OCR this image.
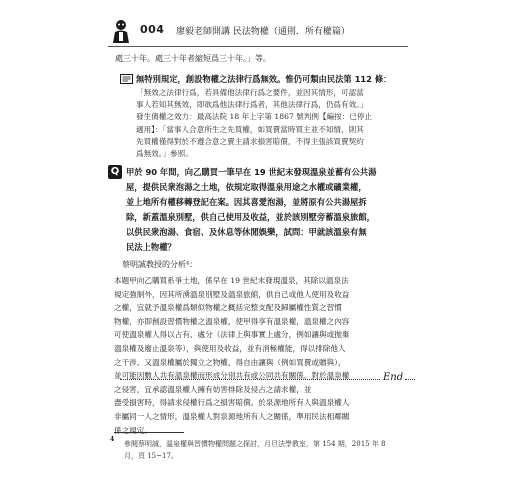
004 廖毅老師開講 民法物權（通則．所有權篇）
處三十年。處三十年者縮短爲三十年。」等。
無特別規定，創設物權之法律行爲無效。惟仍可類由民法第 112 條：
「無效之法律行爲，若具備他法律行爲之要件，並因其情形，可認當
事人若知其無效，即欲爲他法律行爲者，其他法律行爲，仍爲有效。」
發生債權之效力：最高法院 18 年上字第 1867 號判例【編按：已停止
適用】：「當事人合意所生之先買權，如買賣當時買主並不知情，則其
先買權僅得對於不遵合意之賣主請求損害賠償，不得主張該買賣契約
爲無效。」參照。
Q 甲於 90 年間，向乙購買一筆早在 19 世紀末發現溫泉並蓄有公共湯
屋，提供民衆泡湯之土地，依規定取得溫泉用途之水權或礦業權，
並上地所有權移轉登記在案。因其喜愛泡湯，並將原有公共湯屋拆
除，新蓋溫泉別墅，供自己使用及收益，並於該別墅旁蓄溫泉旅館，
以供民衆泡湯、食宿、及休息等休閒娛樂，試問：甲就該溫泉有無
民法上物權？
蔡明誠教授的分析⁴：
本題甲向乙購買系爭土地，係早在 19 世紀末發現溫泉，其除以溫泉法
規定強制外，因其所湧溫泉別墅及溫泉旅館，供自己或他人使用及收益
之權，宜就予溫泉權爲類似物權之概括完整支配及歸屬權性質之習慣
物權，亦即創設習慣物權之溫泉權，使甲得享有溫泉權，溫泉權之內容
可使溫泉權人得以占有、處分（法律上與事實上處分，例如讓與或抛棄
溫泉權及廢止溫泉等），與使用及收益，並有消極權能，得以排除他人
之干涉。又溫泉權屬於獨立之物權，得自由讓與（例如買賣或贈與），
並可能因數人共有溫泉權而形成分別共有或公同共有關係。對於溫泉權
之侵害，宜承認溫泉權人擁有妨害排除及侵占之請求權，並
盡受損害時，得請求侵權行爲之損害賠償。於泉源地所有人與溫泉權人
非屬同一人之情形，溫泉權人對泉源地所有人之關係，準用民法相鄰關
係之規定。
End
4
參閱蔡明誠，溫泉權與習慣物權問題之探討，月旦法學教室，第 154 期，2015 年 8
月，頁 15~17。
